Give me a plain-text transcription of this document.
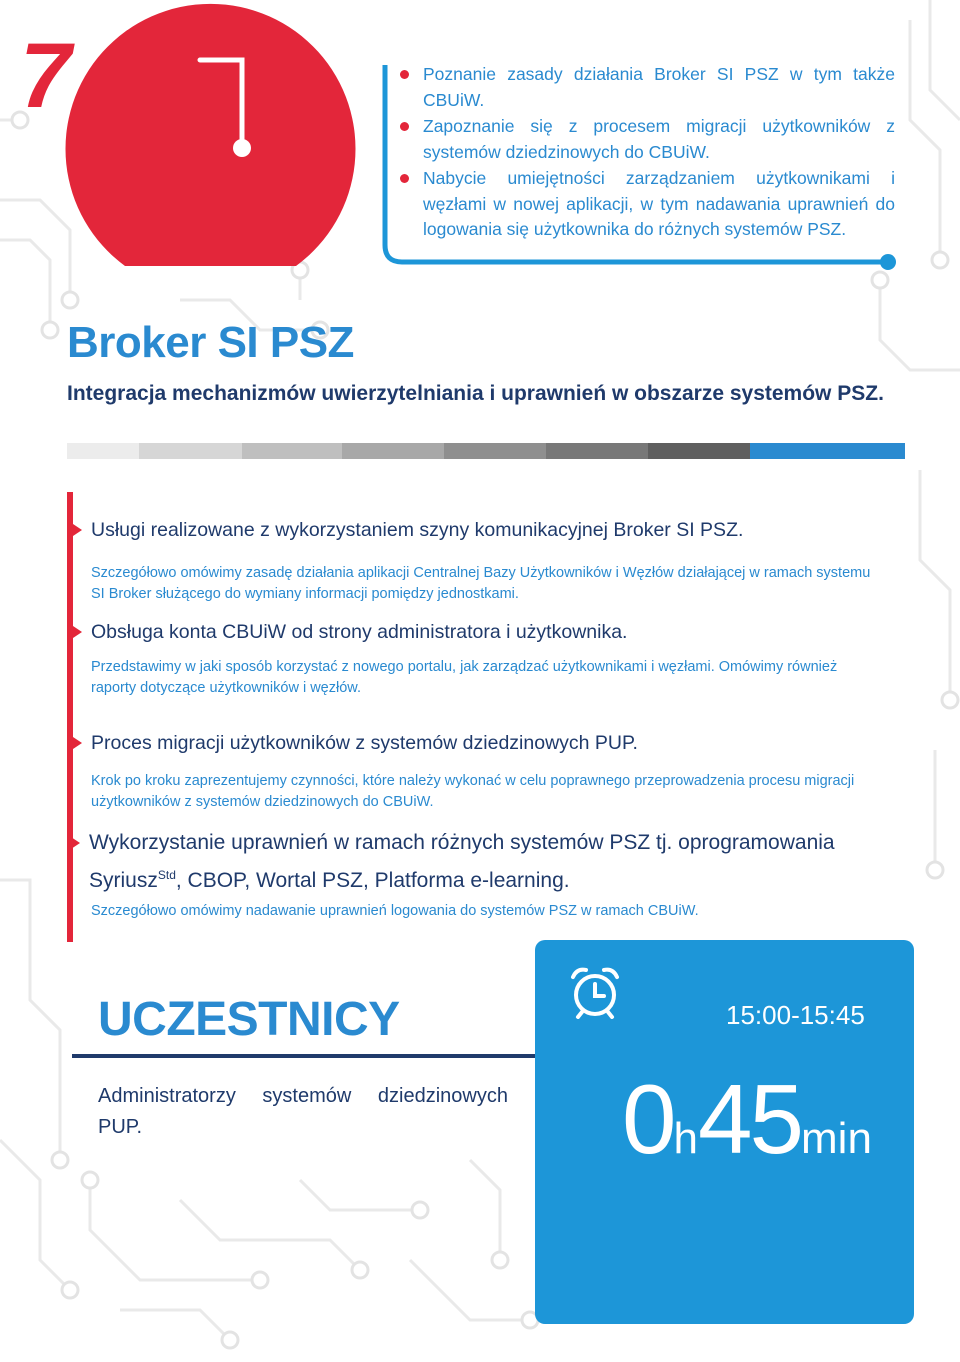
7	Poznanie zasady działania Broker SI PSZ w tym także CBUiW.
Zapoznanie się z procesem migracji użytkowników z systemów dziedzinowych do CBUiW.
Nabycie umiejętności zarządzaniem użytkownikami i węzłami w nowej aplikacji, w tym nadawania uprawnień do logowania się użytkownika do różnych systemów PSZ.
Broker SI PSZ
Integracja mechanizmów uwierzytelniania i uprawnień w obszarze systemów PSZ.
Usługi realizowane z wykorzystaniem szyny komunikacyjnej Broker SI PSZ.
Szczegółowo omówimy zasadę działania aplikacji Centralnej Bazy Użytkowników i Węzłów działającej w ramach systemu SI Broker służącego do wymiany informacji pomiędzy jednostkami.
Obsługa konta CBUiW od strony administratora i użytkownika.
Przedstawimy w jaki sposób korzystać z nowego portalu, jak zarządzać użytkownikami i węzłami. Omówimy również raporty dotyczące użytkowników i węzłów.
Proces migracji użytkowników z systemów dziedzinowych PUP.
Krok po kroku zaprezentujemy czynności, które należy wykonać w celu poprawnego przeprowadzenia procesu migracji użytkowników z systemów dziedzinowych do CBUiW.
Wykorzystanie uprawnień w ramach różnych systemów PSZ tj. oprogramowania Syriusz$^{Std}$, CBOP, Wortal PSZ, Platforma e-learning.
Szczegółowo omówimy nadawanie uprawnień logowania do systemów PSZ w ramach CBUiW.
UCZESTNICY
Administratorzy systemów dziedzinowych PUP.
15:00-15:45
0h45min
